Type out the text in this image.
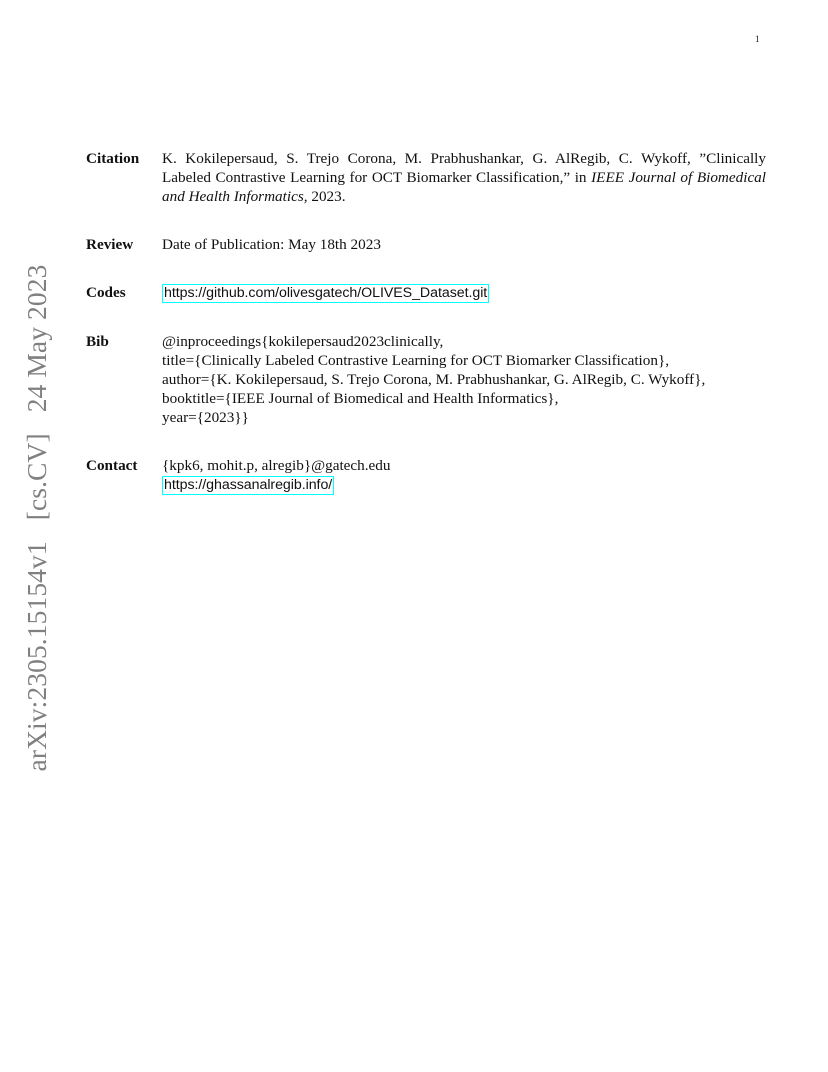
1
arXiv:2305.15154v1 [cs.CV] 24 May 2023
Citation	K. Kokilepersaud, S. Trejo Corona, M. Prabhushankar, G. AlRegib, C. Wykoff, ”Clinically Labeled Contrastive Learning for OCT Biomarker Classification,” in IEEE Journal of Biomedical and Health Informatics, 2023.
Review	Date of Publication: May 18th 2023
Codes	https://github.com/olivesgatech/OLIVES_Dataset.git
Bib	@inproceedings{kokilepersaud2023clinically,
title={Clinically Labeled Contrastive Learning for OCT Biomarker Classification},
author={K. Kokilepersaud, S. Trejo Corona, M. Prabhushankar, G. AlRegib, C. Wykoff},
booktitle={IEEE Journal of Biomedical and Health Informatics},
year={2023}}
Contact	{kpk6, mohit.p, alregib}@gatech.edu
https://ghassanalregib.info/
